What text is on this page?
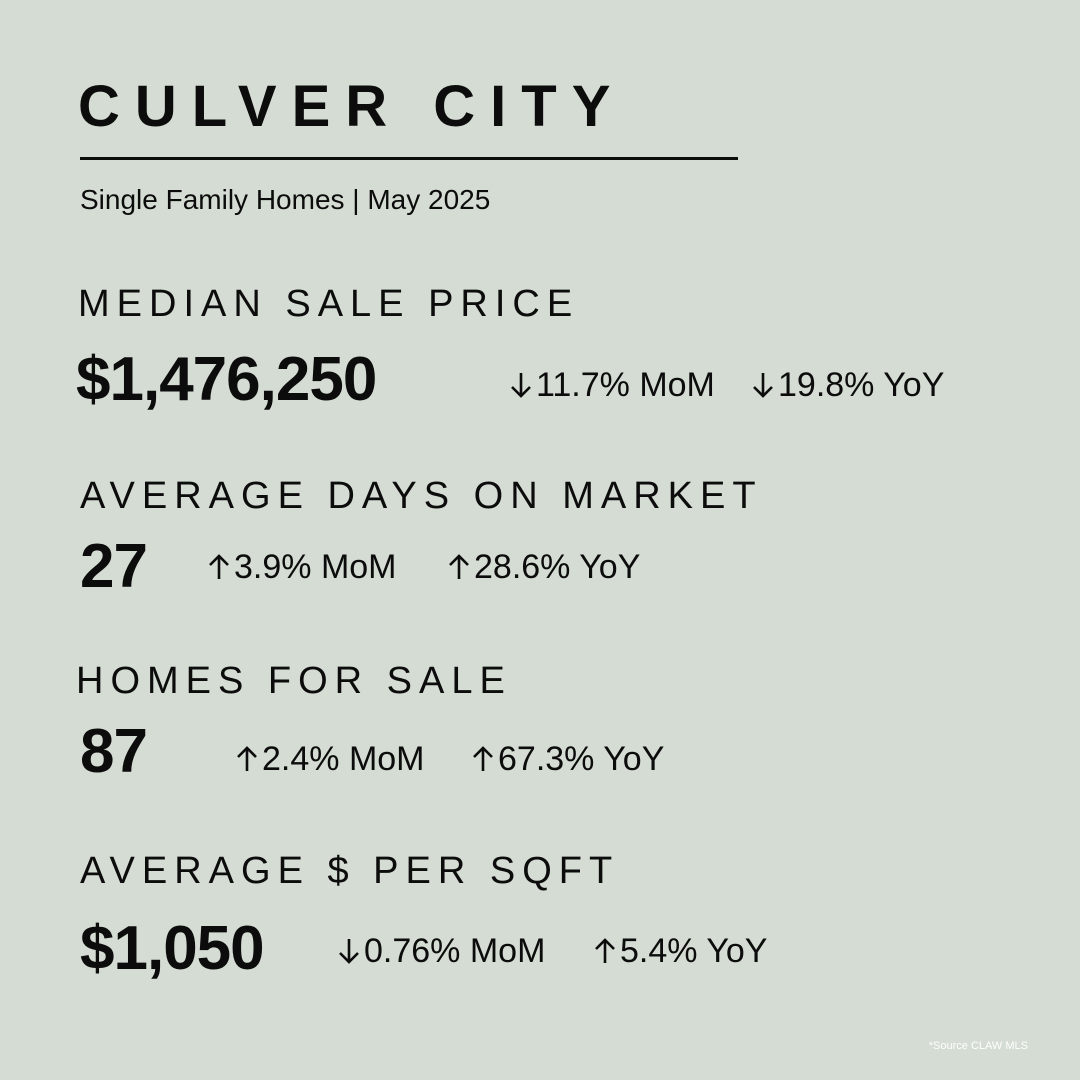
CULVER CITY
Single Family Homes | May 2025
MEDIAN SALE PRICE
$1,476,250	11.7% MoM 19.8% YoY
AVERAGE DAYS ON MARKET
27	3.9% MoM 28.6% YoY
HOMES FOR SALE
87	2.4% MoM 67.3% YoY
AVERAGE $ PER SQFT
$1,050	0.76% MoM 5.4% YoY
*Source CLAW MLS
